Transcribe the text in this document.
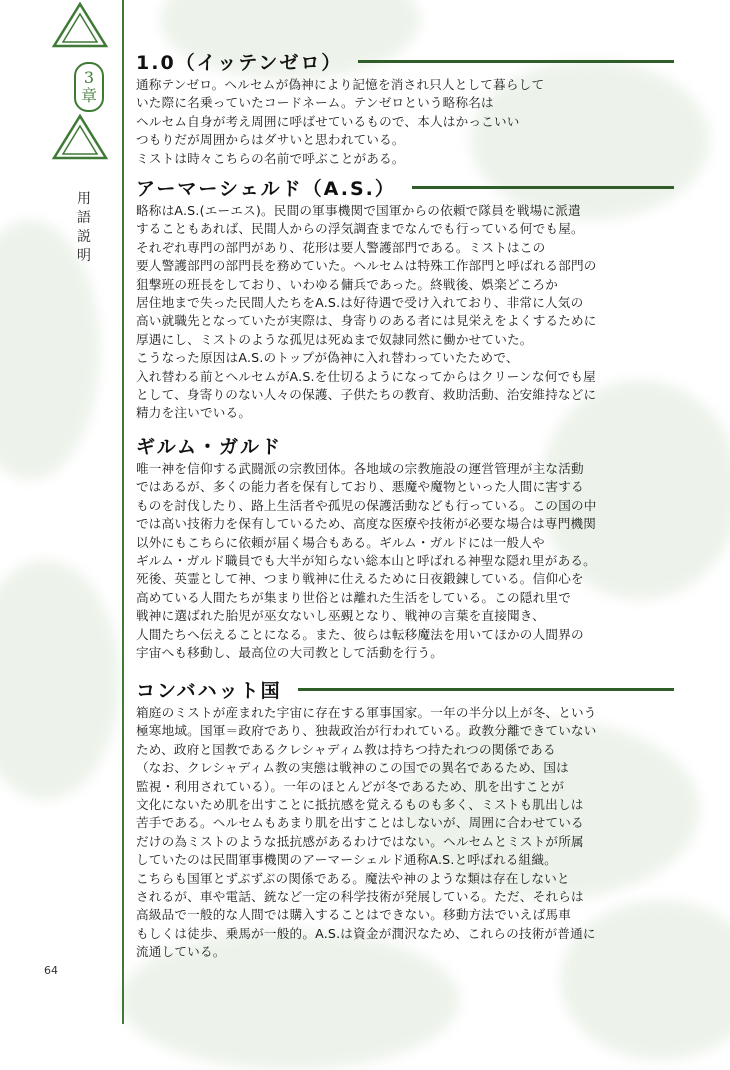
3
章
用
語
説
明
64
1.0（イッテンゼロ）
通称テンゼロ。ヘルセムが偽神により記憶を消され只人として暮らして
いた際に名乗っていたコードネーム。テンゼロという略称名は
ヘルセム自身が考え周囲に呼ばせているもので、本人はかっこいい
つもりだが周囲からはダサいと思われている。
ミストは時々こちらの名前で呼ぶことがある。
アーマーシェルド（A.S.）
略称はA.S.(エーエス)。民間の軍事機関で国軍からの依頼で隊員を戦場に派遣
することもあれば、民間人からの浮気調査までなんでも行っている何でも屋。
それぞれ専門の部門があり、花形は要人警護部門である。ミストはこの
要人警護部門の部門長を務めていた。ヘルセムは特殊工作部門と呼ばれる部門の
狙撃班の班長をしており、いわゆる傭兵であった。終戦後、娯楽どころか
居住地まで失った民間人たちをA.S.は好待遇で受け入れており、非常に人気の
高い就職先となっていたが実際は、身寄りのある者には見栄えをよくするために
厚遇にし、ミストのような孤児は死ぬまで奴隷同然に働かせていた。
こうなった原因はA.S.のトップが偽神に入れ替わっていたためで、
入れ替わる前とヘルセムがA.S.を仕切るようになってからはクリーンな何でも屋
として、身寄りのない人々の保護、子供たちの教育、救助活動、治安維持などに
精力を注いでいる。
ギルム・ガルド
唯一神を信仰する武闘派の宗教団体。各地域の宗教施設の運営管理が主な活動
ではあるが、多くの能力者を保有しており、悪魔や魔物といった人間に害する
ものを討伐したり、路上生活者や孤児の保護活動なども行っている。この国の中
では高い技術力を保有しているため、高度な医療や技術が必要な場合は専門機関
以外にもこちらに依頼が届く場合もある。ギルム・ガルドには一般人や
ギルム・ガルド職員でも大半が知らない総本山と呼ばれる神聖な隠れ里がある。
死後、英霊として神、つまり戦神に仕えるために日夜鍛錬している。信仰心を
高めている人間たちが集まり世俗とは離れた生活をしている。この隠れ里で
戦神に選ばれた胎児が巫女ないし巫覡となり、戦神の言葉を直接聞き、
人間たちへ伝えることになる。また、彼らは転移魔法を用いてほかの人間界の
宇宙へも移動し、最高位の大司教として活動を行う。
コンバハット国
箱庭のミストが産まれた宇宙に存在する軍事国家。一年の半分以上が冬、という
極寒地域。国軍＝政府であり、独裁政治が行われている。政教分離できていない
ため、政府と国教であるクレシャディム教は持ちつ持たれつの関係である
（なお、クレシャディム教の実態は戦神のこの国での異名であるため、国は
監視・利用されている）。一年のほとんどが冬であるため、肌を出すことが
文化にないため肌を出すことに抵抗感を覚えるものも多く、ミストも肌出しは
苦手である。ヘルセムもあまり肌を出すことはしないが、周囲に合わせている
だけの為ミストのような抵抗感があるわけではない。ヘルセムとミストが所属
していたのは民間軍事機関のアーマーシェルド通称A.S.と呼ばれる組織。
こちらも国軍とずぶずぶの関係である。魔法や神のような類は存在しないと
されるが、車や電話、銃など一定の科学技術が発展している。ただ、それらは
高級品で一般的な人間では購入することはできない。移動方法でいえば馬車
もしくは徒歩、乗馬が一般的。A.S.は資金が潤沢なため、これらの技術が普通に
流通している。
